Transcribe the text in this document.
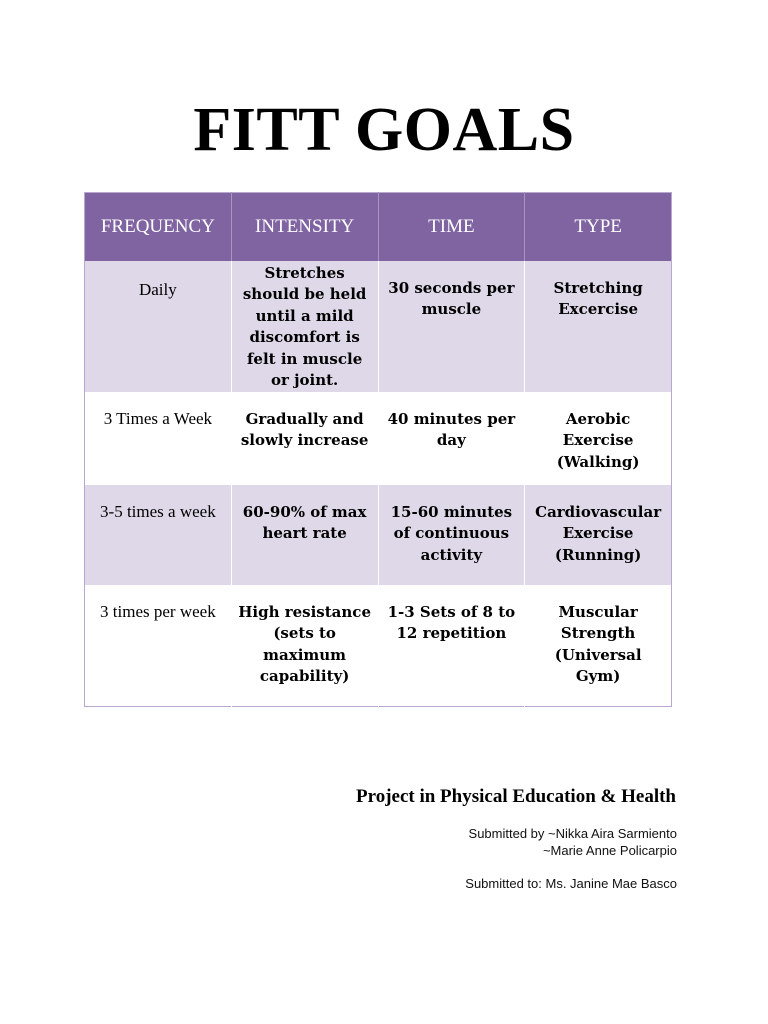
FITT GOALS
FREQUENCY	INTENSITY	TIME	TYPE
Daily	Stretches should be held until a mild discomfort is felt in muscle or joint.	30 seconds per muscle	Stretching Excercise
3 Times a Week	Gradually and slowly increase	40 minutes per day	Aerobic Exercise (Walking)
3-5 times a week	60-90% of max heart rate	15-60 minutes of continuous activity	Cardiovascular Exercise (Running)
3 times per week	High resistance (sets to maximum capability)	1-3 Sets of 8 to 12 repetition	Muscular Strength (Universal Gym)

Project in Physical Education & Health

Submitted by ~Nikka Aira Sarmiento
~Marie Anne Policarpio
Submitted to: Ms. Janine Mae Basco
